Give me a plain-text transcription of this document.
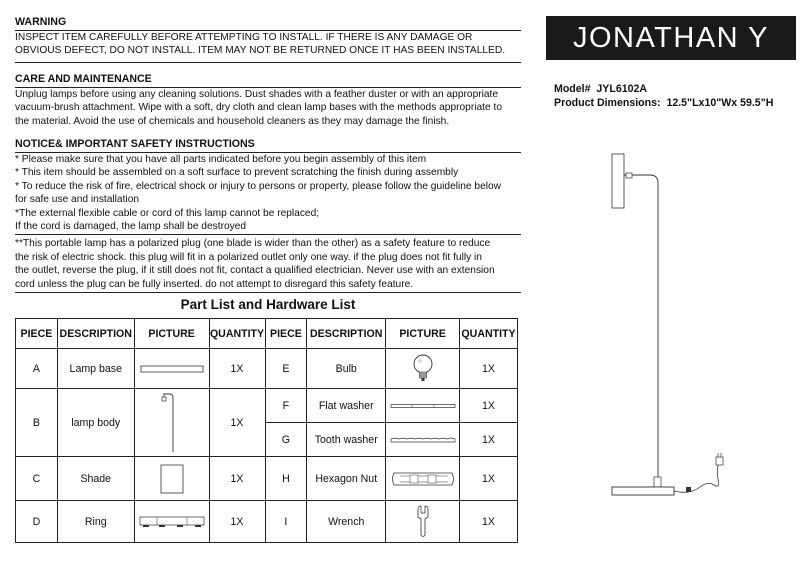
WARNING

INSPECT ITEM CAREFULLY BEFORE ATTEMPTING TO INSTALL. IF THERE IS ANY DAMAGE OR

OBVIOUS DEFECT, DO NOT INSTALL. ITEM MAY NOT BE RETURNED ONCE IT HAS BEEN INSTALLED.

CARE AND MAINTENANCE

Unplug lamps before using any cleaning solutions. Dust shades with a feather duster or with an appropriate

vacuum-brush attachment. Wipe with a soft, dry cloth and clean lamp bases with the methods appropriate to

the material. Avoid the use of chemicals and household cleaners as they may damage the finish.

NOTICE& IMPORTANT SAFETY INSTRUCTIONS

* Please make sure that you have all parts indicated before you begin assembly of this item

* This item should be assembled on a soft surface to prevent scratching the finish during assembly

* To reduce the risk of fire, electrical shock or injury to persons or property, please follow the guideline below

for safe use and installation

*The external flexible cable or cord of this lamp cannot be replaced;

If the cord is damaged, the lamp shall be destroyed

**This portable lamp has a polarized plug (one blade is wider than the other) as a safety feature to reduce

the risk of electric shock. this plug will fit in a polarized outlet only one way. if the plug does not fit fully in

the outlet, reverse the plug, if it still does not fit, contact a qualified electrician. Never use with an extension

cord unless the plug can be fully inserted. do not attempt to disregard this safety feature.

Part List and Hardware List
PIECE	DESCRIPTION	PICTURE	QUANTITY	PIECE	DESCRIPTION	PICTURE	QUANTITY
A	Lamp base		1X	E	Bulb		1X
B	lamp body		1X	F	Flat washer		1X
				G	Tooth washer		1X
C	Shade		1X	H	Hexagon Nut		1X
D	Ring		1X	I	Wrench		1X
JONATHAN Y
Model# JYL6102A
Product Dimensions: 12.5"Lx10"Wx 59.5"H
